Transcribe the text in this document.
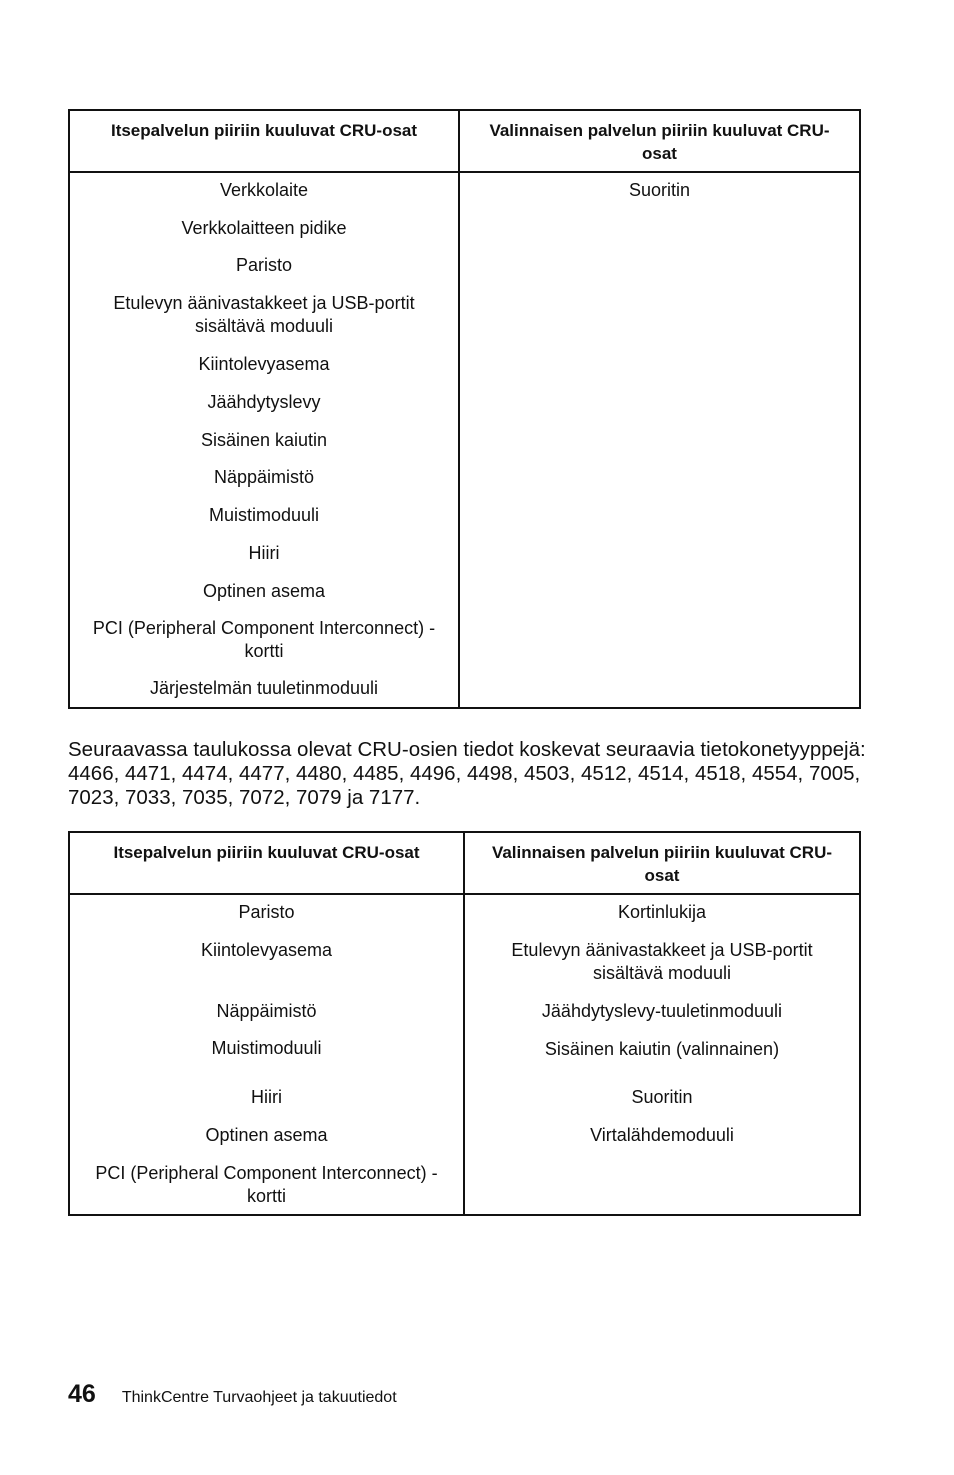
Itsepalvelun piiriin kuuluvat CRU-osat	Valinnaisen palvelun piiriin kuuluvat CRU-osat
Verkkolaite
Verkkolaitteen pidike
Paristo
Etulevyn äänivastakkeet ja USB-portit sisältävä moduuli
Kiintolevyasema
Jäähdytyslevy
Sisäinen kaiutin
Näppäimistö
Muistimoduuli
Hiiri
Optinen asema
PCI (Peripheral Component Interconnect) -kortti
Järjestelmän tuuletinmoduuli
Suoritin
Seuraavassa taulukossa olevat CRU-osien tiedot koskevat seuraavia tietokonetyyppejä: 4466, 4471, 4474, 4477, 4480, 4485, 4496, 4498, 4503, 4512, 4514, 4518, 4554, 7005, 7023, 7033, 7035, 7072, 7079 ja 7177.
Itsepalvelun piiriin kuuluvat CRU-osat	Valinnaisen palvelun piiriin kuuluvat CRU-osat
Paristo
Kiintolevyasema
Näppäimistö
Muistimoduuli
Hiiri
Optinen asema
PCI (Peripheral Component Interconnect) -kortti
Kortinlukija
Etulevyn äänivastakkeet ja USB-portit sisältävä moduuli
Jäähdytyslevy-tuuletinmoduuli
Sisäinen kaiutin (valinnainen)
Suoritin
Virtalähdemoduuli
46 ThinkCentre Turvaohjeet ja takuutiedot
